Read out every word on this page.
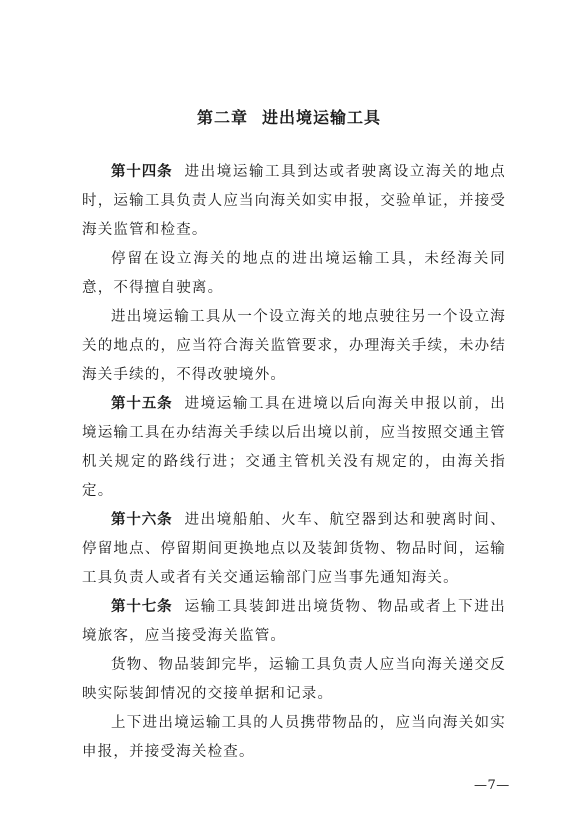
第二章 进出境运输工具

第十四条 进出境运输工具到达或者驶离设立海关的地点时，运输工具负责人应当向海关如实申报，交验单证，并接受海关监管和检查。

停留在设立海关的地点的进出境运输工具，未经海关同意，不得擅自驶离。

进出境运输工具从一个设立海关的地点驶往另一个设立海关的地点的，应当符合海关监管要求，办理海关手续，未办结海关手续的，不得改驶境外。

第十五条 进境运输工具在进境以后向海关申报以前，出境运输工具在办结海关手续以后出境以前，应当按照交通主管机关规定的路线行进；交通主管机关没有规定的，由海关指定。

第十六条 进出境船舶、火车、航空器到达和驶离时间、停留地点、停留期间更换地点以及装卸货物、物品时间，运输工具负责人或者有关交通运输部门应当事先通知海关。

第十七条 运输工具装卸进出境货物、物品或者上下进出境旅客，应当接受海关监管。

货物、物品装卸完毕，运输工具负责人应当向海关递交反映实际装卸情况的交接单据和记录。

上下进出境运输工具的人员携带物品的，应当向海关如实申报，并接受海关检查。

—7—
